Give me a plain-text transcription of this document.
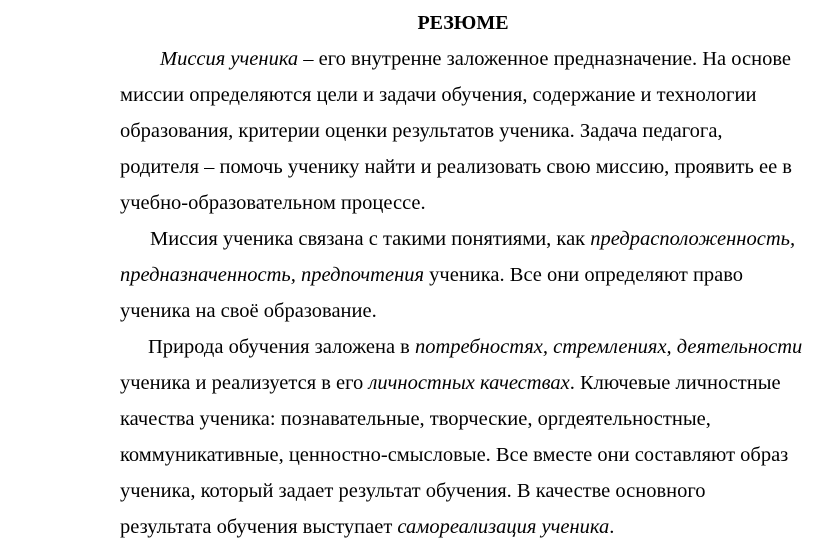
РЕЗЮМЕ
Миссия ученика – его внутренне заложенное предназначение. На основе
миссии определяются цели и задачи обучения, содержание и технологии
образования, критерии оценки результатов ученика. Задача педагога,
родителя – помочь ученику найти и реализовать свою миссию, проявить ее в
учебно-образовательном процессе.
Миссия ученика связана с такими понятиями, как предрасположенность,
предназначенность, предпочтения ученика. Все они определяют право
ученика на своё образование.
Природа обучения заложена в потребностях, стремлениях, деятельности
ученика и реализуется в его личностных качествах. Ключевые личностные
качества ученика: познавательные, творческие, оргдеятельностные,
коммуникативные, ценностно-смысловые. Все вместе они составляют образ
ученика, который задает результат обучения. В качестве основного
результата обучения выступает самореализация ученика.
